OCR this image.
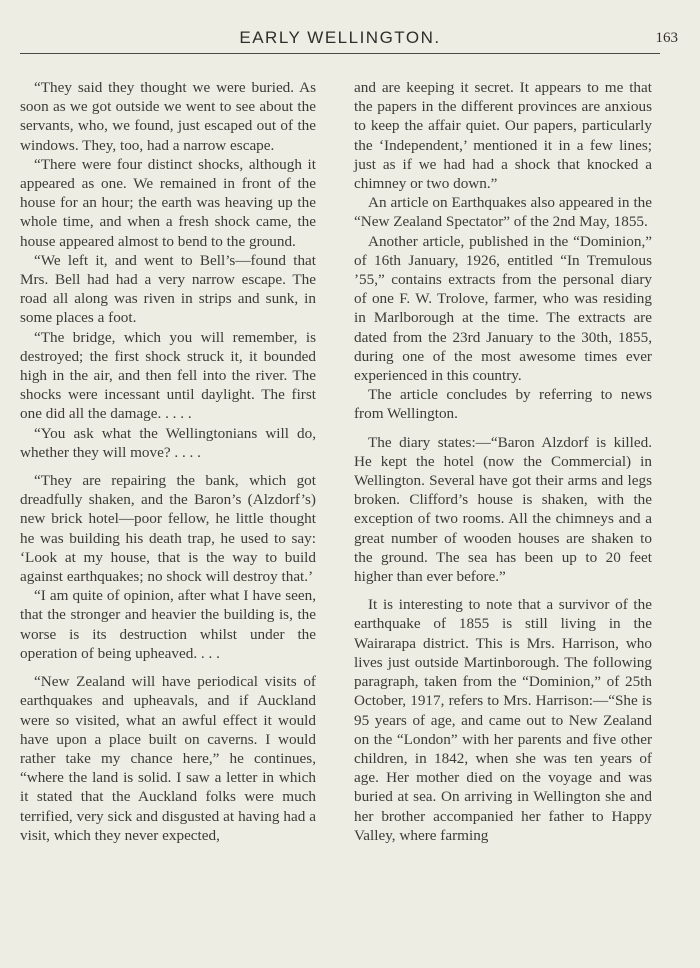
EARLY WELLINGTON.	163

“They said they thought we were buried. As soon as we got outside we went to see about the servants, who, we found, just escaped out of the windows. They, too, had a narrow escape.

“There were four distinct shocks, although it appeared as one. We remained in front of the house for an hour; the earth was heaving up the whole time, and when a fresh shock came, the house appeared almost to bend to the ground.

“We left it, and went to Bell’s—found that Mrs. Bell had had a very narrow escape. The road all along was riven in strips and sunk, in some places a foot.

“The bridge, which you will remember, is destroyed; the first shock struck it, it bounded high in the air, and then fell into the river. The shocks were incessant until daylight. The first one did all the damage. . . . .

“You ask what the Wellingtonians will do, whether they will move? . . . .

“They are repairing the bank, which got dreadfully shaken, and the Baron’s (Alzdorf’s) new brick hotel—poor fellow, he little thought he was building his death trap, he used to say: ‘Look at my house, that is the way to build against earthquakes; no shock will destroy that.’

“I am quite of opinion, after what I have seen, that the stronger and heavier the building is, the worse is its destruction whilst under the operation of being upheaved. . . .

“New Zealand will have periodical visits of earthquakes and upheavals, and if Auckland were so visited, what an awful effect it would have upon a place built on caverns. I would rather take my chance here,” he continues, “where the land is solid. I saw a letter in which it stated that the Auckland folks were much terrified, very sick and disgusted at having had a visit, which they never expected,

and are keeping it secret. It appears to me that the papers in the different provinces are anxious to keep the affair quiet. Our papers, particularly the ‘Independent,’ mentioned it in a few lines; just as if we had had a shock that knocked a chimney or two down.”

An article on Earthquakes also appeared in the “New Zealand Spectator” of the 2nd May, 1855.

Another article, published in the “Dominion,” of 16th January, 1926, entitled “In Tremulous ’55,” contains extracts from the personal diary of one F. W. Trolove, farmer, who was residing in Marlborough at the time. The extracts are dated from the 23rd January to the 30th, 1855, during one of the most awesome times ever experienced in this country.

The article concludes by referring to news from Wellington.

The diary states:—“Baron Alzdorf is killed. He kept the hotel (now the Commercial) in Wellington. Several have got their arms and legs broken. Clifford’s house is shaken, with the exception of two rooms. All the chimneys and a great number of wooden houses are shaken to the ground. The sea has been up to 20 feet higher than ever before.”

It is interesting to note that a survivor of the earthquake of 1855 is still living in the Wairarapa district. This is Mrs. Harrison, who lives just outside Martinborough. The following paragraph, taken from the “Dominion,” of 25th October, 1917, refers to Mrs. Harrison:—“She is 95 years of age, and came out to New Zealand on the “London” with her parents and five other children, in 1842, when she was ten years of age. Her mother died on the voyage and was buried at sea. On arriving in Wellington she and her brother accompanied her father to Happy Valley, where farming
